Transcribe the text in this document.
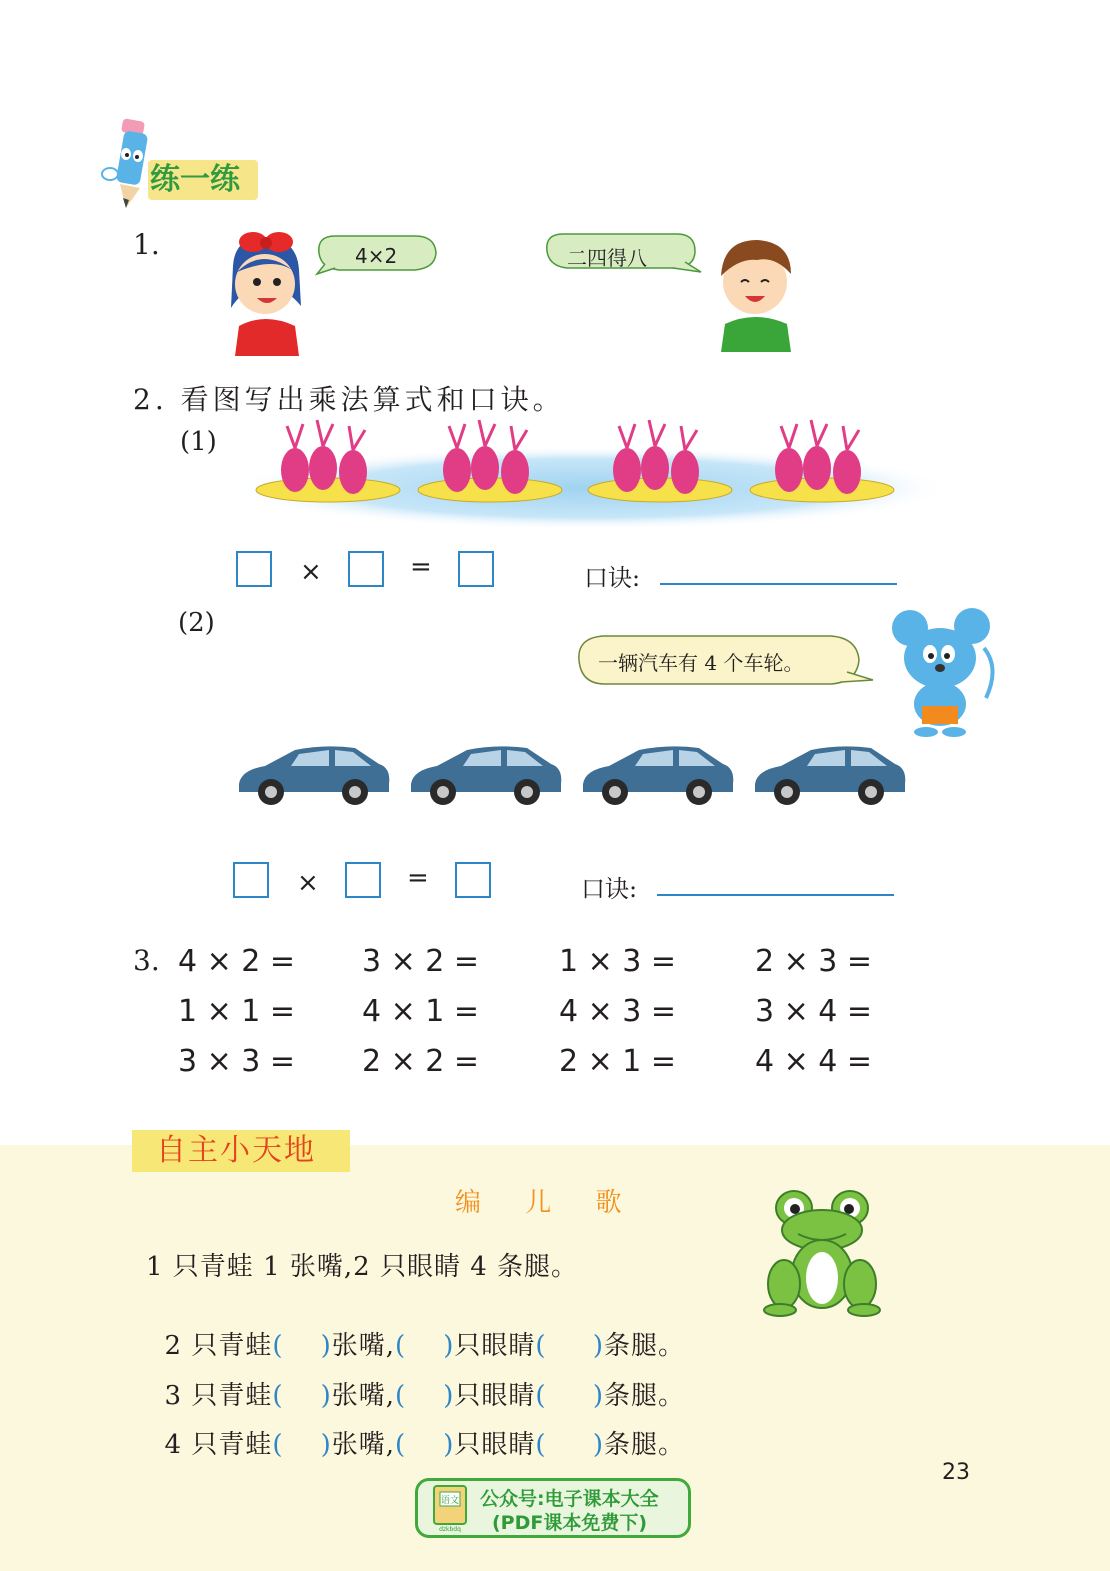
练一练
1.	4×2	二四得八
2. 看图写出乘法算式和口诀。
(1)
×	=	口诀:
(2)
一辆汽车有 4 个车轮。
×	=	口诀:
3. 4 × 2 = 3 × 2 =	1 × 3 =	2 × 3 =
1 × 1 = 4 × 1 =	4 × 3 =	3 × 4 =
3 × 3 = 2 × 2 =	2 × 1 =	4 × 4 =
自主小天地
编 儿 歌
1 只青蛙 1 张嘴,2 只眼睛 4 条腿。

2 只青蛙( )张嘴,( )只眼睛( )条腿。

3 只青蛙( )张嘴,( )只眼睛( )条腿。

4 只青蛙( )张嘴,( )只眼睛( )条腿。

23
语文
dzkbdq
公众号:电子课本大全
(PDF课本免费下)
